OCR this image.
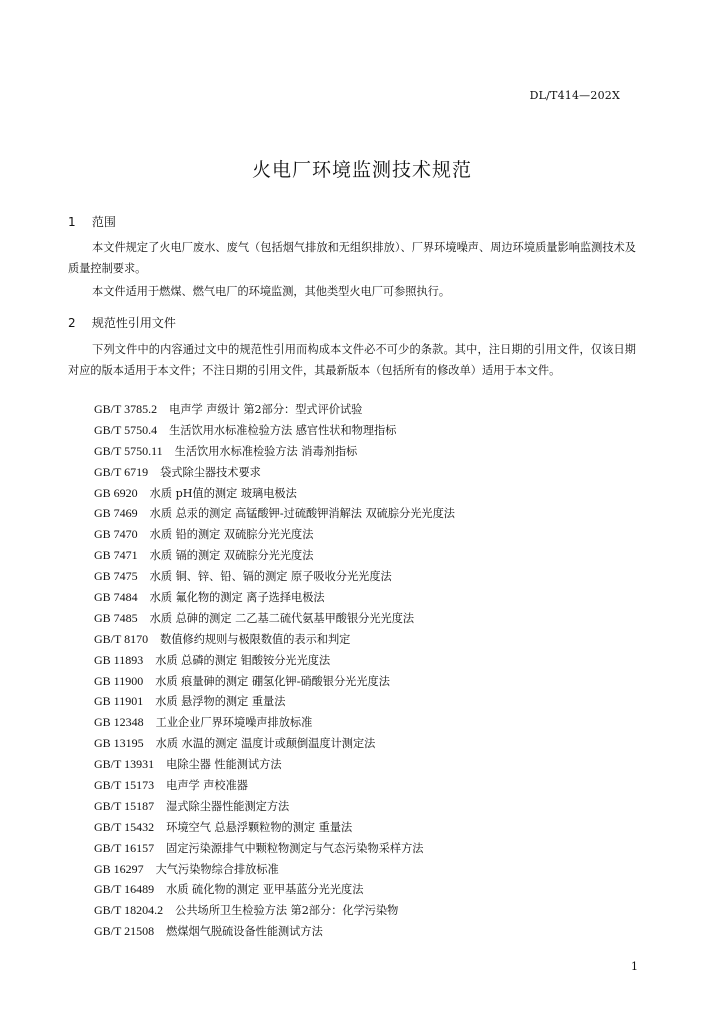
DL/T414—202X
火电厂环境监测技术规范
1 范围
本文件规定了火电厂废水、废气（包括烟气排放和无组织排放）、厂界环境噪声、周边环境质量影响监测技术及质量控制要求。
本文件适用于燃煤、燃气电厂的环境监测，其他类型火电厂可参照执行。
2 规范性引用文件
下列文件中的内容通过文中的规范性引用而构成本文件必不可少的条款。其中，注日期的引用文件，仅该日期对应的版本适用于本文件；不注日期的引用文件，其最新版本（包括所有的修改单）适用于本文件。
GB/T 3785.2 电声学 声级计 第2部分：型式评价试验
GB/T 5750.4 生活饮用水标准检验方法 感官性状和物理指标
GB/T 5750.11 生活饮用水标准检验方法 消毒剂指标
GB/T 6719 袋式除尘器技术要求
GB 6920 水质 pH值的测定 玻璃电极法
GB 7469 水质 总汞的测定 高锰酸钾-过硫酸钾消解法 双硫腙分光光度法
GB 7470 水质 铅的测定 双硫腙分光光度法
GB 7471 水质 镉的测定 双硫腙分光光度法
GB 7475 水质 铜、锌、铅、镉的测定 原子吸收分光光度法
GB 7484 水质 氟化物的测定 离子选择电极法
GB 7485 水质 总砷的测定 二乙基二硫代氨基甲酸银分光光度法
GB/T 8170 数值修约规则与极限数值的表示和判定
GB 11893 水质 总磷的测定 钼酸铵分光光度法
GB 11900 水质 痕量砷的测定 硼氢化钾-硝酸银分光光度法
GB 11901 水质 悬浮物的测定 重量法
GB 12348 工业企业厂界环境噪声排放标准
GB 13195 水质 水温的测定 温度计或颠倒温度计测定法
GB/T 13931 电除尘器 性能测试方法
GB/T 15173 电声学 声校准器
GB/T 15187 湿式除尘器性能测定方法
GB/T 15432 环境空气 总悬浮颗粒物的测定 重量法
GB/T 16157 固定污染源排气中颗粒物测定与气态污染物采样方法
GB 16297 大气污染物综合排放标准
GB/T 16489 水质 硫化物的测定 亚甲基蓝分光光度法
GB/T 18204.2 公共场所卫生检验方法 第2部分：化学污染物
GB/T 21508 燃煤烟气脱硫设备性能测试方法
1
